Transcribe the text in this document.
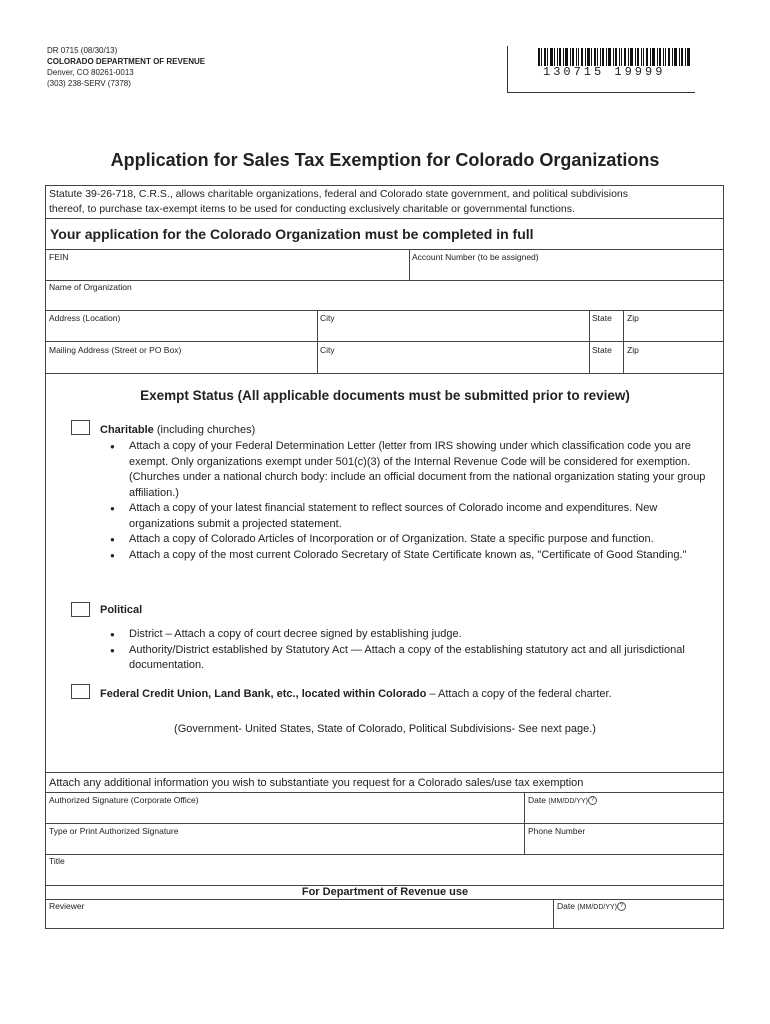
DR 0715 (08/30/13)
COLORADO DEPARTMENT OF REVENUE
Denver, CO 80261-0013
(303) 238-SERV (7378)
130715 19999
Application for Sales Tax Exemption for Colorado Organizations
Statute 39-26-718, C.R.S., allows charitable organizations, federal and Colorado state government, and political subdivisions
thereof, to purchase tax-exempt items to be used for conducting exclusively charitable or governmental functions.
Your application for the Colorado Organization must be completed in full
FEIN	Account Number (to be assigned)
Name of Organization
Address (Location)	City	State Zip
Mailing Address (Street or PO Box)	City	State Zip
Exempt Status (All applicable documents must be submitted prior to review)
Charitable (including churches)
● Attach a copy of your Federal Determination Letter (letter from IRS showing under which classification code you are exempt. Only organizations exempt under 501(c)(3) of the Internal Revenue Code will be considered for exemption. (Churches under a national church body: include an official document from the national organization stating your group affiliation.)
● Attach a copy of your latest financial statement to reflect sources of Colorado income and expenditures. New organizations submit a projected statement.
● Attach a copy of Colorado Articles of Incorporation or of Organization. State a specific purpose and function.
● Attach a copy of the most current Colorado Secretary of State Certificate known as, "Certificate of Good Standing."
Political
● District – Attach a copy of court decree signed by establishing judge.
● Authority/District established by Statutory Act — Attach a copy of the establishing statutory act and all jurisdictional documentation.
Federal Credit Union, Land Bank, etc., located within Colorado – Attach a copy of the federal charter.
(Government- United States, State of Colorado, Political Subdivisions- See next page.)
Attach any additional information you wish to substantiate you request for a Colorado sales/use tax exemption
Authorized Signature (Corporate Office)	Date (MM/DD/YY) ?
Type or Print Authorized Signature	Phone Number
Title
For Department of Revenue use
Reviewer	Date (MM/DD/YY) ?
